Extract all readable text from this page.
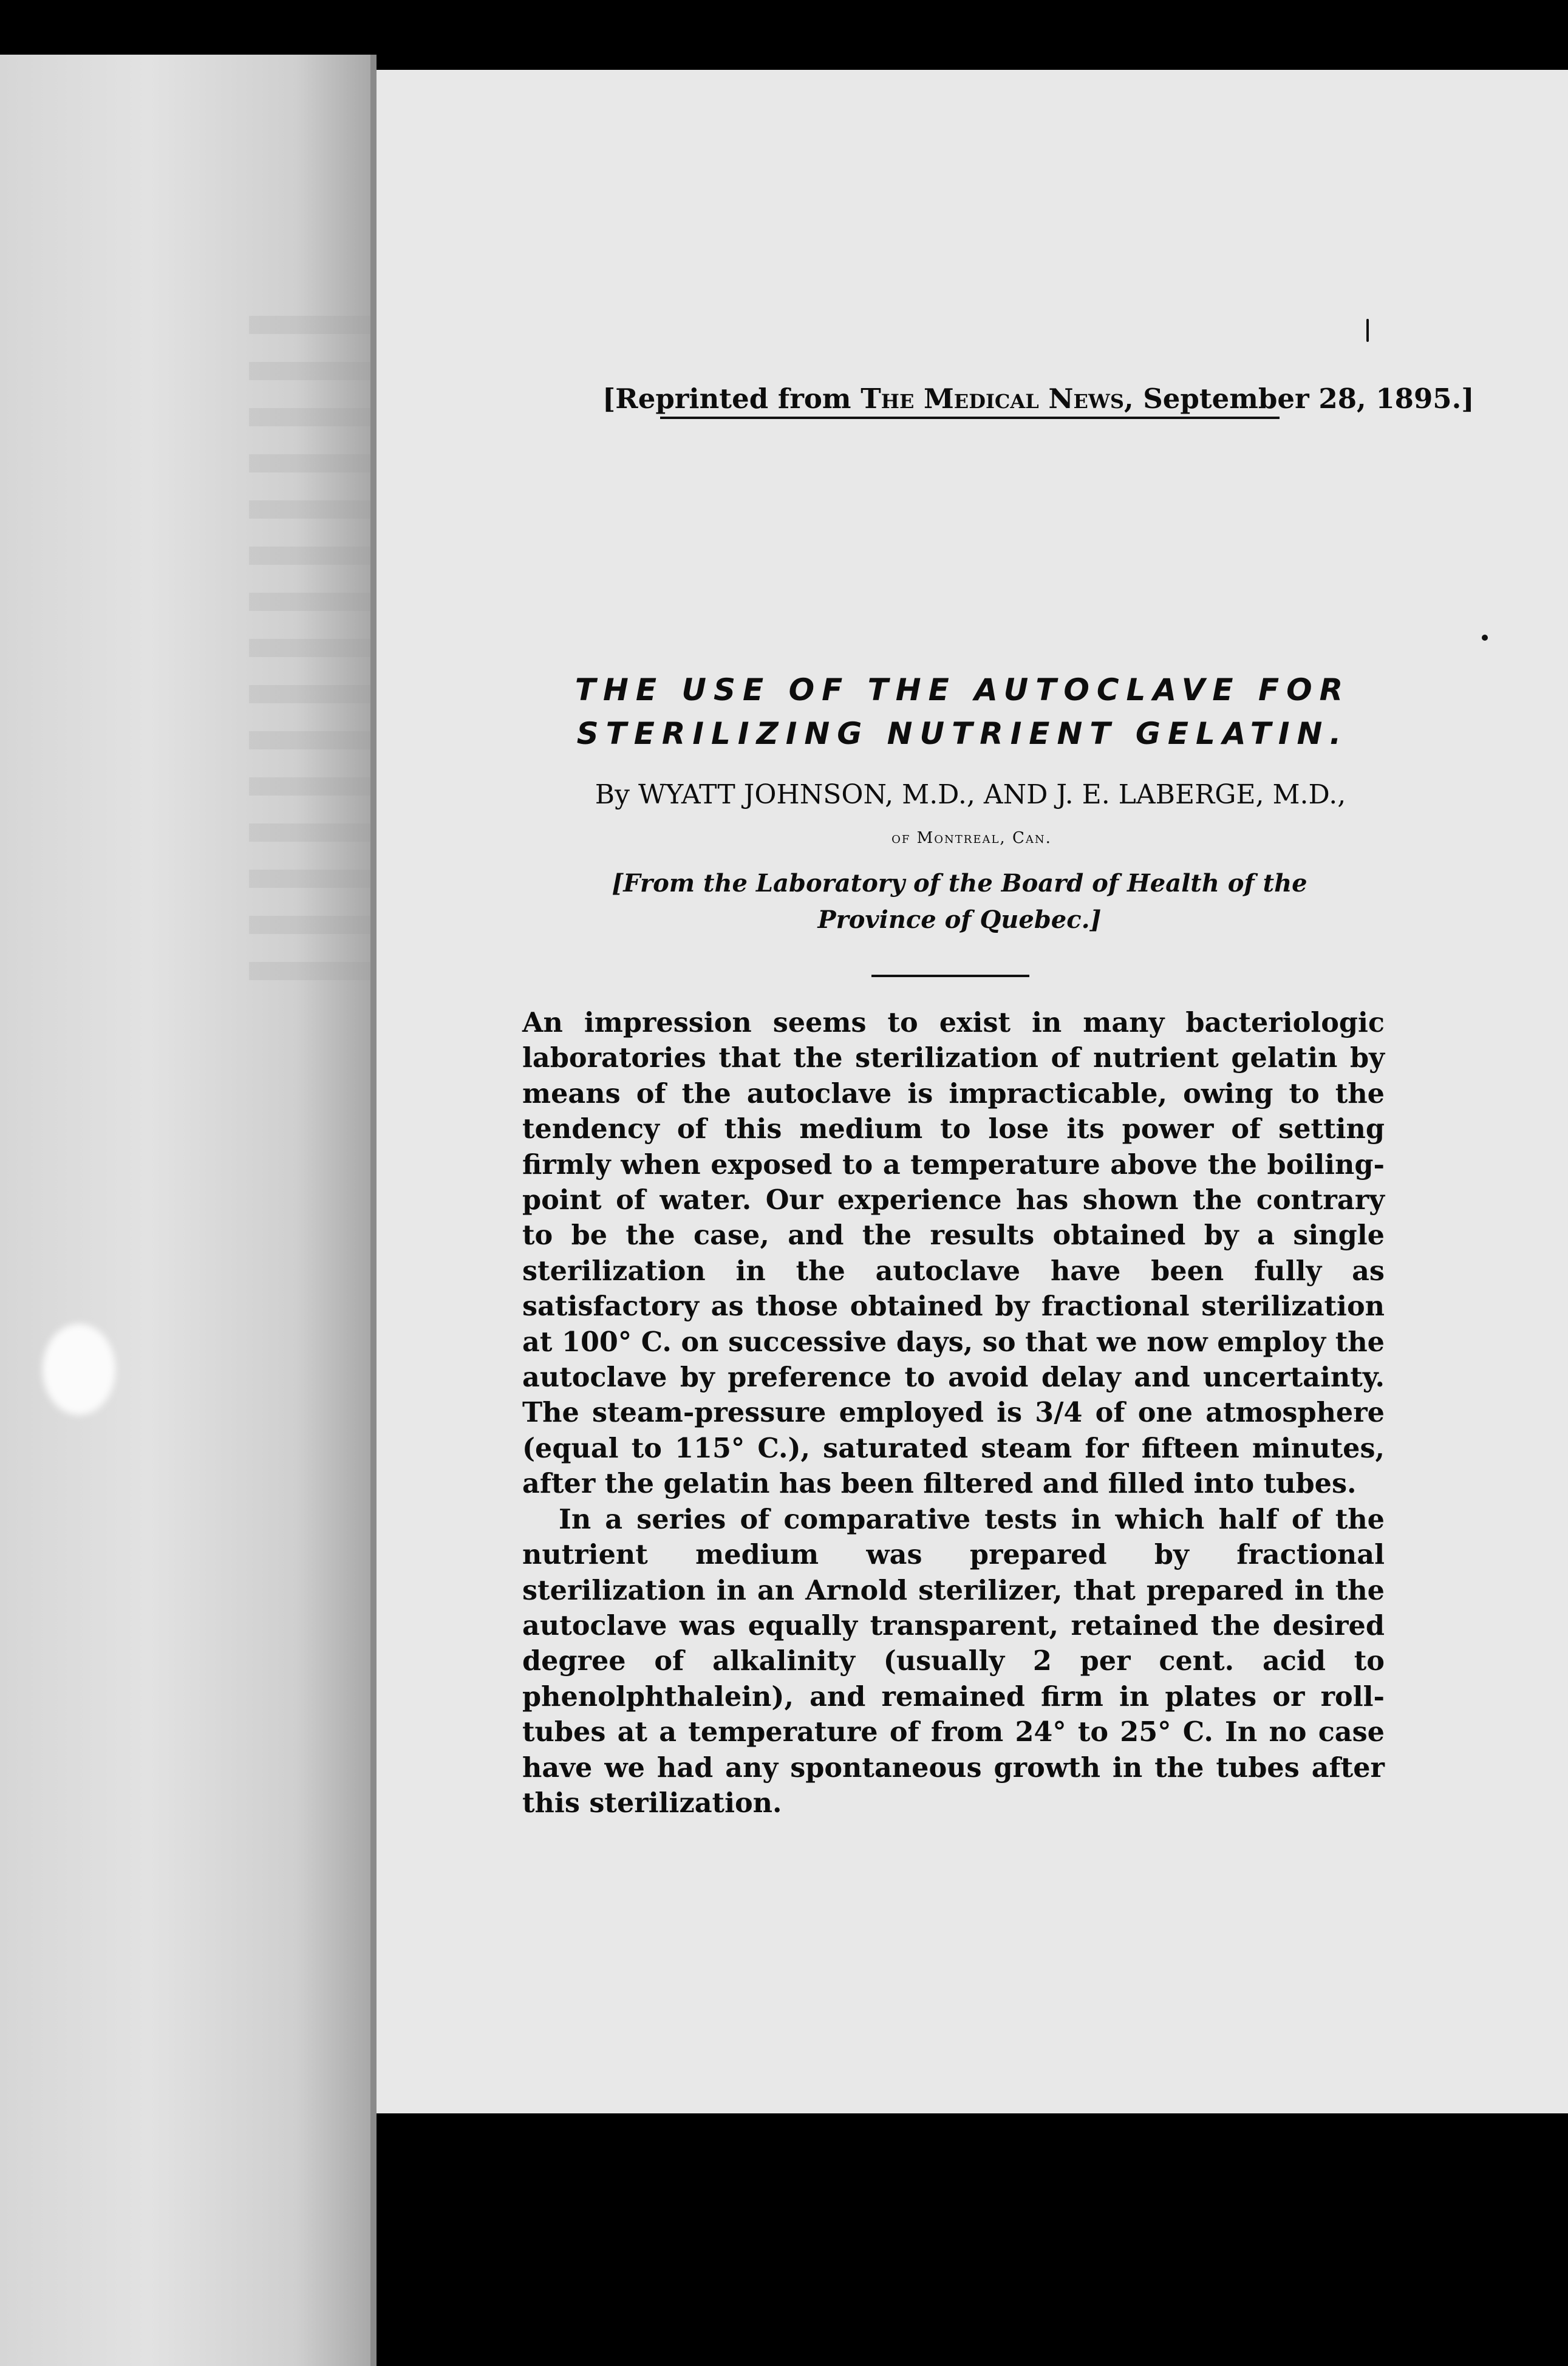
[Reprinted from The Medical News, September 28, 1895.]
THE USE OF THE AUTOCLAVE FOR STERILIZING NUTRIENT GELATIN.
By WYATT JOHNSON, M.D., AND J. E. LABERGE, M.D.,
of Montreal, Can.
[From the Laboratory of the Board of Health of the Province of Quebec.]

An impression seems to exist in many bacteriologic laboratories that the sterilization of nutrient gelatin by means of the autoclave is impracticable, owing to the tendency of this medium to lose its power of setting firmly when exposed to a temperature above the boiling-point of water. Our experience has shown the contrary to be the case, and the results obtained by a single sterilization in the autoclave have been fully as satisfactory as those obtained by fractional sterilization at 100° C. on successive days, so that we now employ the autoclave by preference to avoid delay and uncertainty. The steam-pressure employed is 3/4 of one atmosphere (equal to 115° C.), saturated steam for fifteen minutes, after the gelatin has been filtered and filled into tubes.

In a series of comparative tests in which half of the nutrient medium was prepared by fractional sterilization in an Arnold sterilizer, that prepared in the autoclave was equally transparent, retained the desired degree of alkalinity (usually 2 per cent. acid to phenolphthalein), and remained firm in plates or roll-tubes at a temperature of from 24° to 25° C. In no case have we had any spontaneous growth in the tubes after this sterilization.
